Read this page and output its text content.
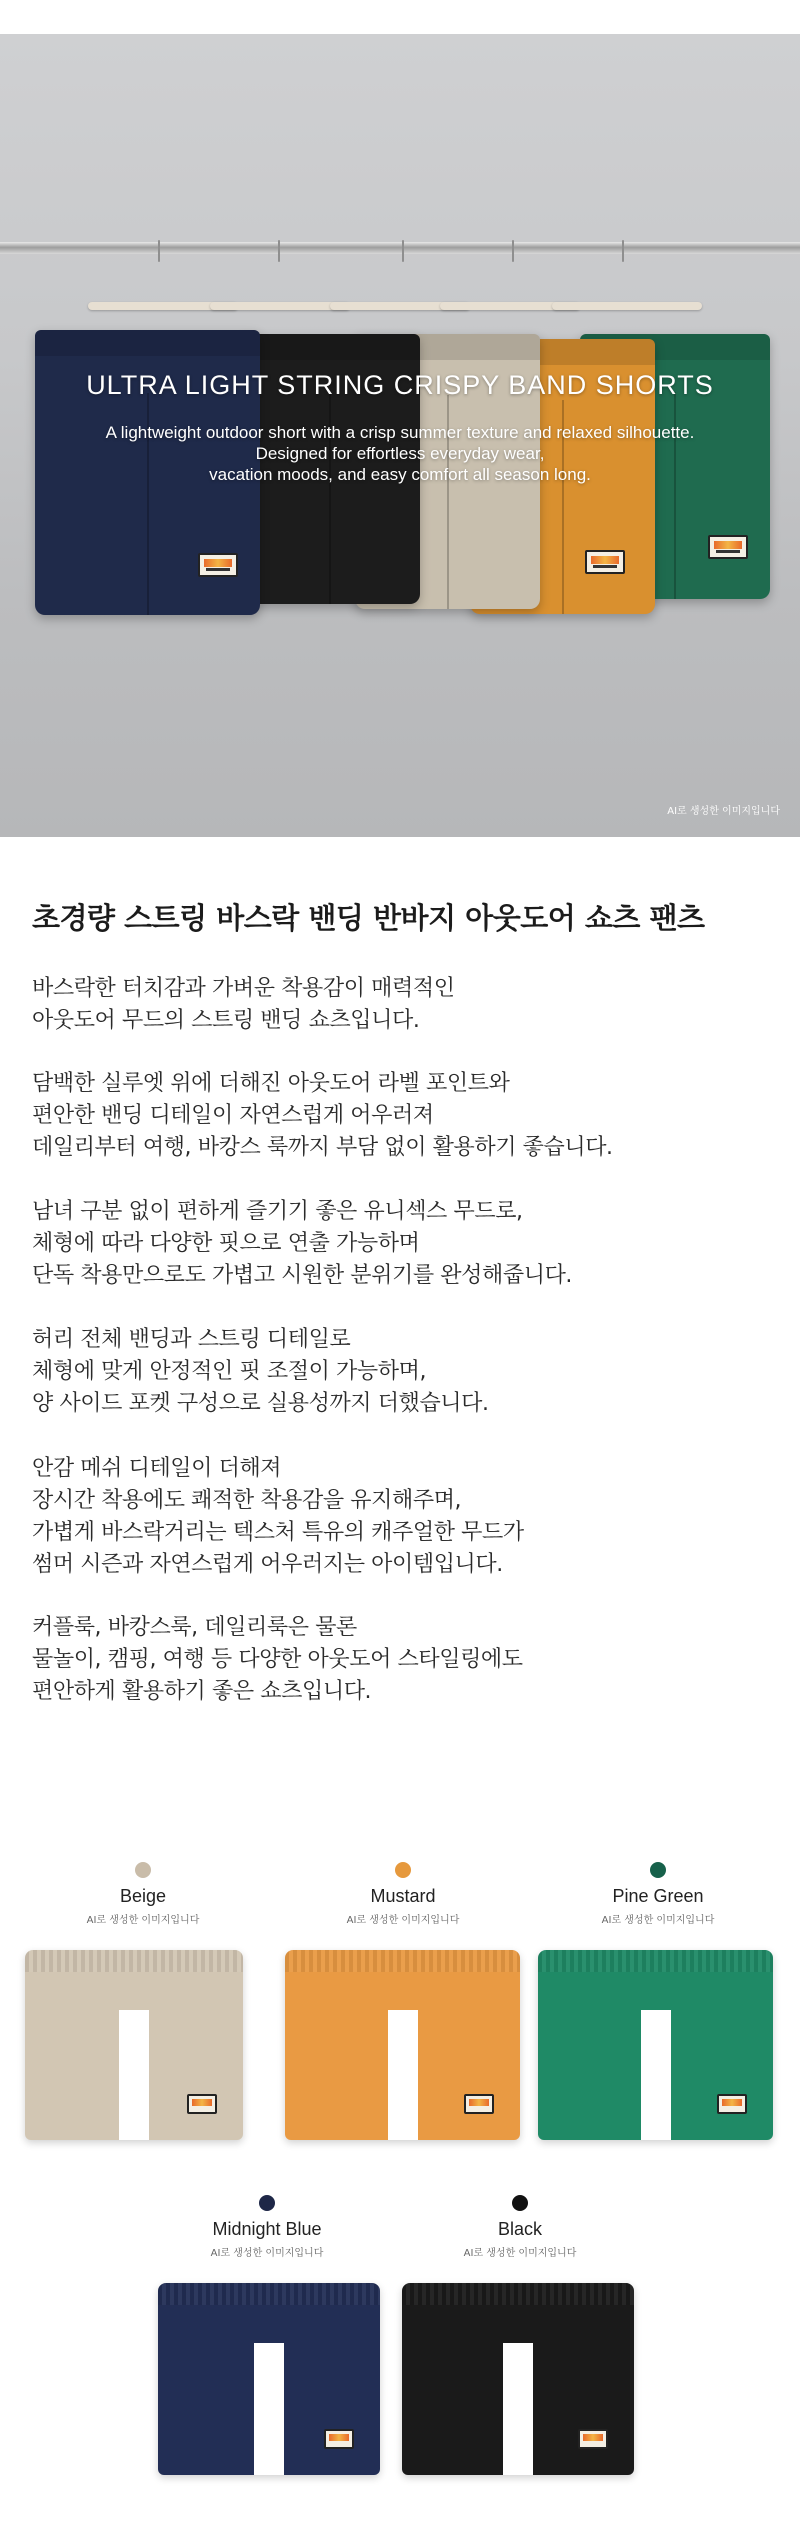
ULTRA LIGHT STRING CRISPY BAND SHORTS
A lightweight outdoor short with a crisp summer texture and relaxed silhouette.
Designed for effortless everyday wear,
vacation moods, and easy comfort all season long.
AI로 생성한 이미지입니다
초경량 스트링 바스락 밴딩 반바지 아웃도어 쇼츠 팬츠
바스락한 터치감과 가벼운 착용감이 매력적인
아웃도어 무드의 스트링 밴딩 쇼츠입니다.
담백한 실루엣 위에 더해진 아웃도어 라벨 포인트와
편안한 밴딩 디테일이 자연스럽게 어우러져
데일리부터 여행, 바캉스 룩까지 부담 없이 활용하기 좋습니다.
남녀 구분 없이 편하게 즐기기 좋은 유니섹스 무드로,
체형에 따라 다양한 핏으로 연출 가능하며
단독 착용만으로도 가볍고 시원한 분위기를 완성해줍니다.
허리 전체 밴딩과 스트링 디테일로
체형에 맞게 안정적인 핏 조절이 가능하며,
양 사이드 포켓 구성으로 실용성까지 더했습니다.
안감 메쉬 디테일이 더해져
장시간 착용에도 쾌적한 착용감을 유지해주며,
가볍게 바스락거리는 텍스처 특유의 캐주얼한 무드가
썸머 시즌과 자연스럽게 어우러지는 아이템입니다.
커플룩, 바캉스룩, 데일리룩은 물론
물놀이, 캠핑, 여행 등 다양한 아웃도어 스타일링에도
편안하게 활용하기 좋은 쇼츠입니다.
Beige
AI로 생성한 이미지입니다
Mustard
AI로 생성한 이미지입니다
Pine Green
AI로 생성한 이미지입니다
Midnight Blue
AI로 생성한 이미지입니다
Black
AI로 생성한 이미지입니다
